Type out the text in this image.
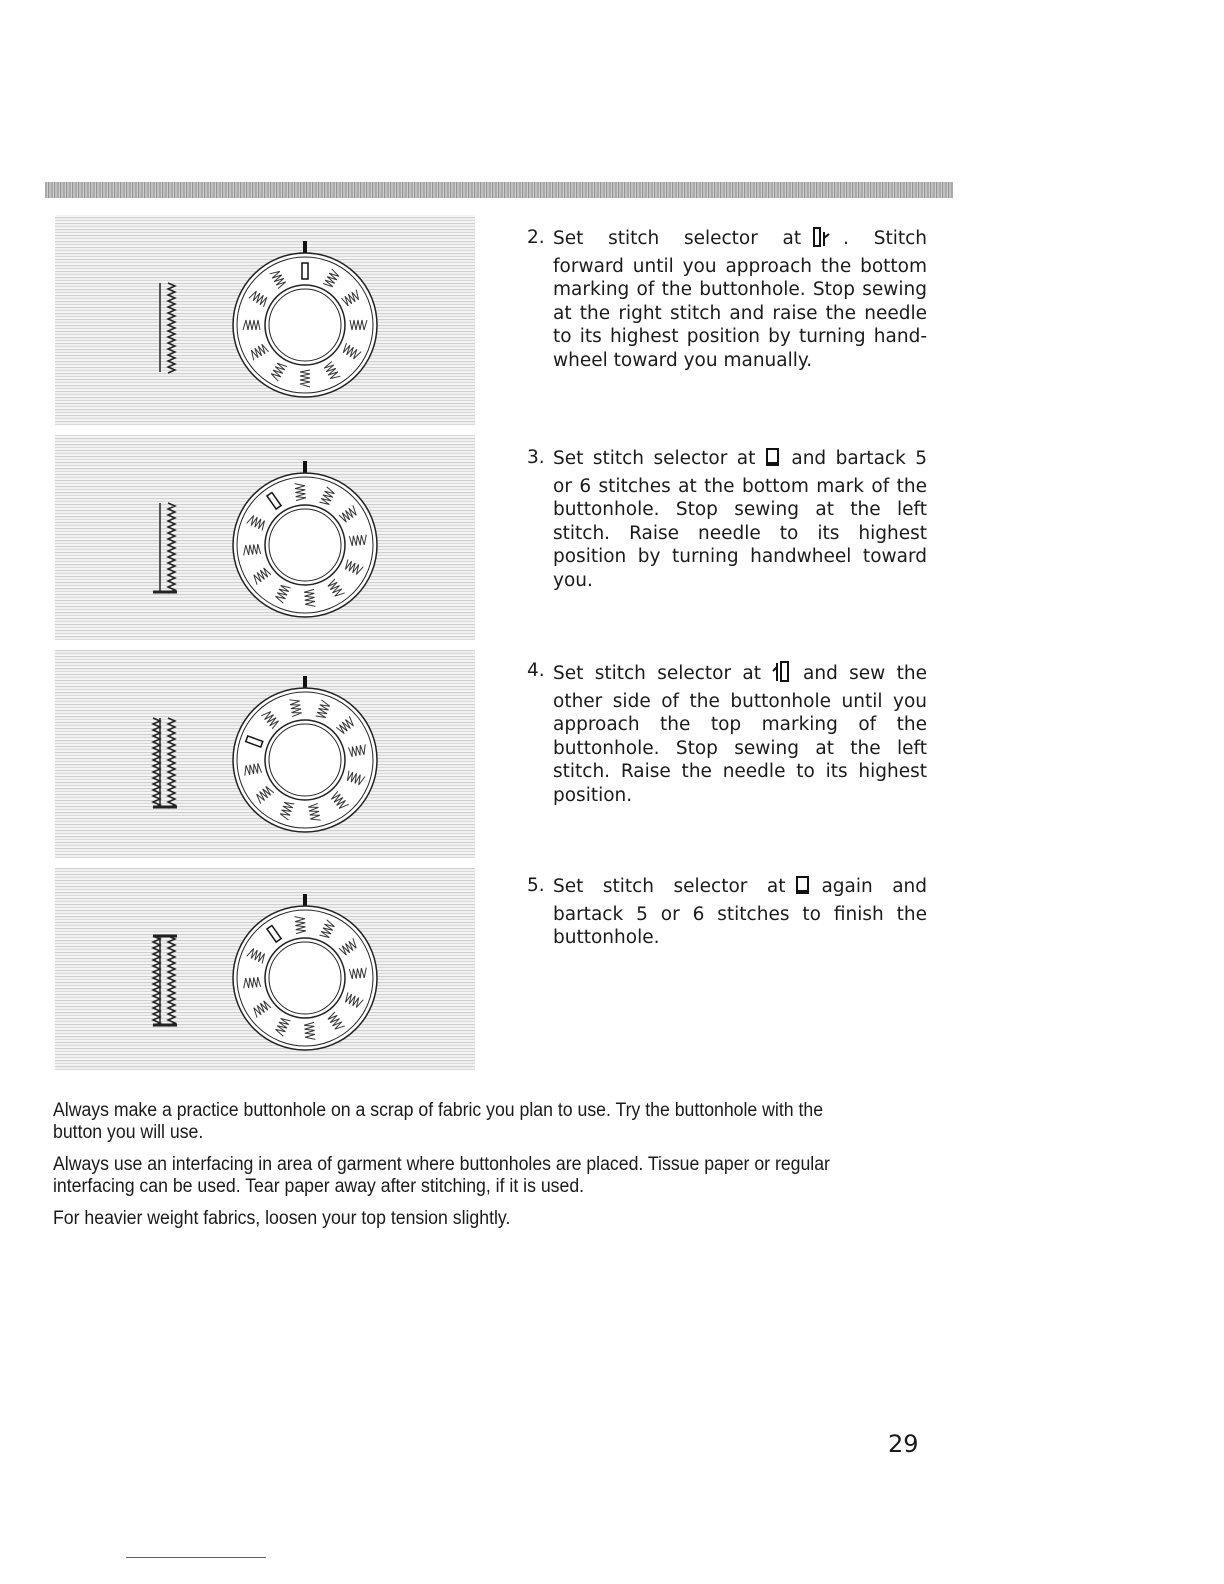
2. Set stitch selector at . Stitch forward until you approach the bottom marking of the buttonhole. Stop sewing at the right stitch and raise the needle to its highest position by turning hand-wheel toward you manually.
3. Set stitch selector at and bartack 5 or 6 stitches at the bottom mark of the buttonhole. Stop sewing at the left stitch. Raise needle to its highest position by turning handwheel toward you.
4. Set stitch selector at and sew the other side of the buttonhole until you approach the top marking of the buttonhole. Stop sewing at the left stitch. Raise the needle to its highest position.
5. Set stitch selector at again and bartack 5 or 6 stitches to finish the buttonhole.

Always make a practice buttonhole on a scrap of fabric you plan to use. Try the buttonhole with the button you will use.

Always use an interfacing in area of garment where buttonholes are placed. Tissue paper or regular interfacing can be used. Tear paper away after stitching, if it is used.

For heavier weight fabrics, loosen your top tension slightly.

29
